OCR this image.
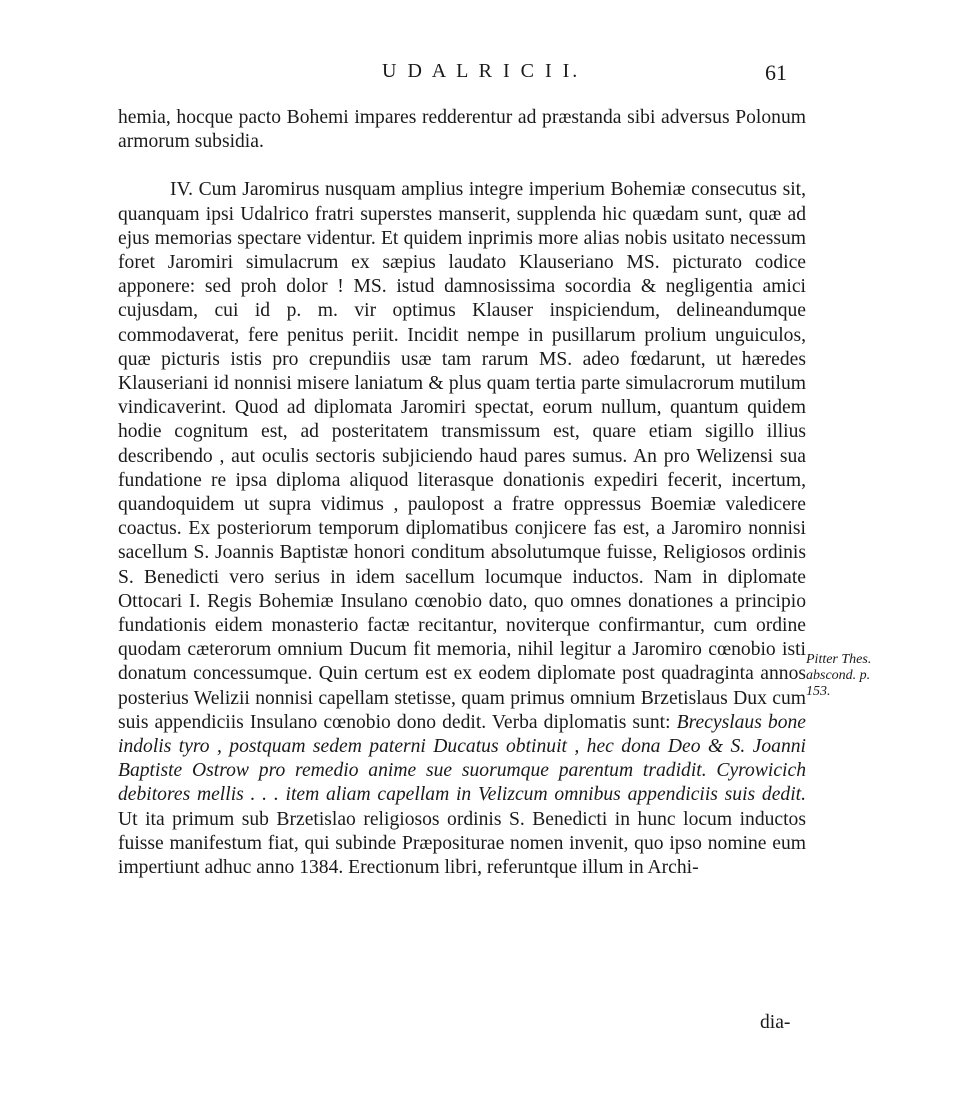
U D A L R I C I I.	61

hemia, hocque pacto Bohemi impares redderentur ad præstanda sibi adversus Polonum armorum subsidia.

IV. Cum Jaromirus nusquam amplius integre imperium Bohemiæ consecutus sit, quanquam ipsi Udalrico fratri superstes manserit, supplenda hic quædam sunt, quæ ad ejus memorias spectare videntur. Et quidem inprimis more alias nobis usitato necessum foret Jaromiri simulacrum ex sæpius laudato Klauseriano MS. picturato codice apponere: sed proh dolor ! MS. istud damnosissima socordia & negligentia amici cujusdam, cui id p. m. vir optimus Klauser inspiciendum, delineandumque commodaverat, fere penitus periit. Incidit nempe in pusillarum prolium unguiculos, quæ picturis istis pro crepundiis usæ tam rarum MS. adeo fœdarunt, ut hæredes Klauseriani id nonnisi misere laniatum & plus quam tertia parte simulacrorum mutilum vindicaverint. Quod ad diplomata Jaromiri spectat, eorum nullum, quantum quidem hodie cognitum est, ad posteritatem transmissum est, quare etiam sigillo illius describendo , aut oculis sectoris subjiciendo haud pares sumus. An pro Welizensi sua fundatione re ipsa diploma aliquod literasque donationis expediri fecerit, incertum, quandoquidem ut supra vidimus , paulopost a fratre oppressus Boemiæ valedicere coactus. Ex posteriorum temporum diplomatibus conjicere fas est, a Jaromiro nonnisi sacellum S. Joannis Baptistæ honori conditum absolutumque fuisse, Religiosos ordinis S. Benedicti vero serius in idem sacellum locumque inductos. Nam in diplomate Ottocari I. Regis Bohemiæ Insulano cœnobio dato, quo omnes donationes a principio fundationis eidem monasterio factæ recitantur, noviterque confirmantur, cum ordine quodam cæterorum omnium Ducum fit memoria, nihil legitur a Jaromiro cœnobio isti donatum concessumque. Quin certum est ex eodem diplomate post quadraginta annos posterius Welizii nonnisi capellam stetisse, quam primus omnium Brzetislaus Dux cum suis appendiciis Insulano cœnobio dono dedit. Verba diplomatis sunt: Brecyslaus bone indolis tyro , postquam sedem paterni Ducatus obtinuit , hec dona Deo & S. Joanni Baptiste Ostrow pro remedio anime sue suorumque parentum tradidit. Cyrowicich debitores mellis . . . item aliam capellam in Velizcum omnibus appendiciis suis dedit. Ut ita primum sub Brzetislao religiosos ordinis S. Benedicti in hunc locum inductos fuisse manifestum fiat, qui subinde Præpositurae nomen invenit, quo ipso nomine eum impertiunt adhuc anno 1384. Erectionum libri, referuntque illum in Archi-

dia-
Pitter Thes. abscond. p. 153.
